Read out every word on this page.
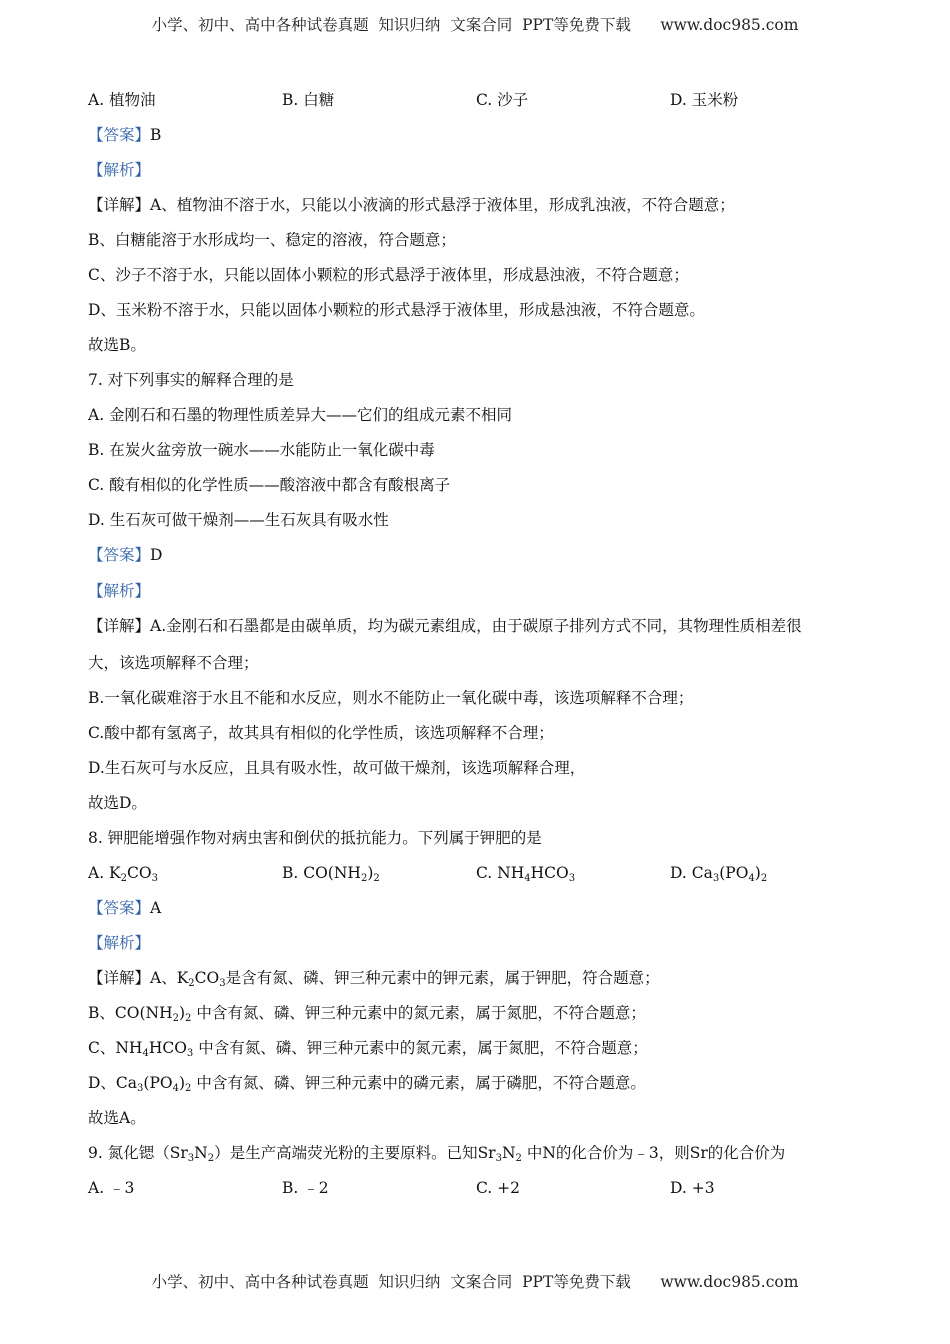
小学、初中、高中各种试卷真题  知识归纳  文案合同  PPT等免费下载      www.doc985.com
A. 植物油	B. 白糖	C. 沙子	D. 玉米粉
【答案】B
【解析】
【详解】A、植物油不溶于水，只能以小液滴的形式悬浮于液体里，形成乳浊液，不符合题意；
B、白糖能溶于水形成均一、稳定的溶液，符合题意；
C、沙子不溶于水，只能以固体小颗粒的形式悬浮于液体里，形成悬浊液，不符合题意；
D、玉米粉不溶于水，只能以固体小颗粒的形式悬浮于液体里，形成悬浊液，不符合题意。
故选B。
7. 对下列事实的解释合理的是
A. 金刚石和石墨的物理性质差异大——它们的组成元素不相同
B. 在炭火盆旁放一碗水——水能防止一氧化碳中毒
C. 酸有相似的化学性质——酸溶液中都含有酸根离子
D. 生石灰可做干燥剂——生石灰具有吸水性
【答案】D
【解析】
【详解】A.金刚石和石墨都是由碳单质，均为碳元素组成，由于碳原子排列方式不同，其物理性质相差很
大，该选项解释不合理；
B.一氧化碳难溶于水且不能和水反应，则水不能防止一氧化碳中毒，该选项解释不合理；
C.酸中都有氢离子，故其具有相似的化学性质，该选项解释不合理；
D.生石灰可与水反应，且具有吸水性，故可做干燥剂，该选项解释合理，
故选D。
8. 钾肥能增强作物对病虫害和倒伏的抵抗能力。下列属于钾肥的是
A. $K_2CO_3$	B. $CO(NH_2)_2$	C. $NH_4HCO_3$	D. $Ca_3(PO_4)_2$
【答案】A
【解析】
【详解】A、$K_2CO_3$是含有氮、磷、钾三种元素中的钾元素，属于钾肥，符合题意；
B、$CO(NH_2)_2$ 中含有氮、磷、钾三种元素中的氮元素，属于氮肥，不符合题意；
C、$NH_4HCO_3$ 中含有氮、磷、钾三种元素中的氮元素，属于氮肥，不符合题意；
D、$Ca_3(PO_4)_2$ 中含有氮、磷、钾三种元素中的磷元素，属于磷肥，不符合题意。
故选A。
9. 氮化锶$(Sr_3N_2)$是生产高端荧光粉的主要原料。已知$Sr_3N_2$ 中N的化合价为﹣3，则Sr的化合价为
A. ﹣3	B. ﹣2	C. +2	D. +3
小学、初中、高中各种试卷真题  知识归纳  文案合同  PPT等免费下载      www.doc985.com
